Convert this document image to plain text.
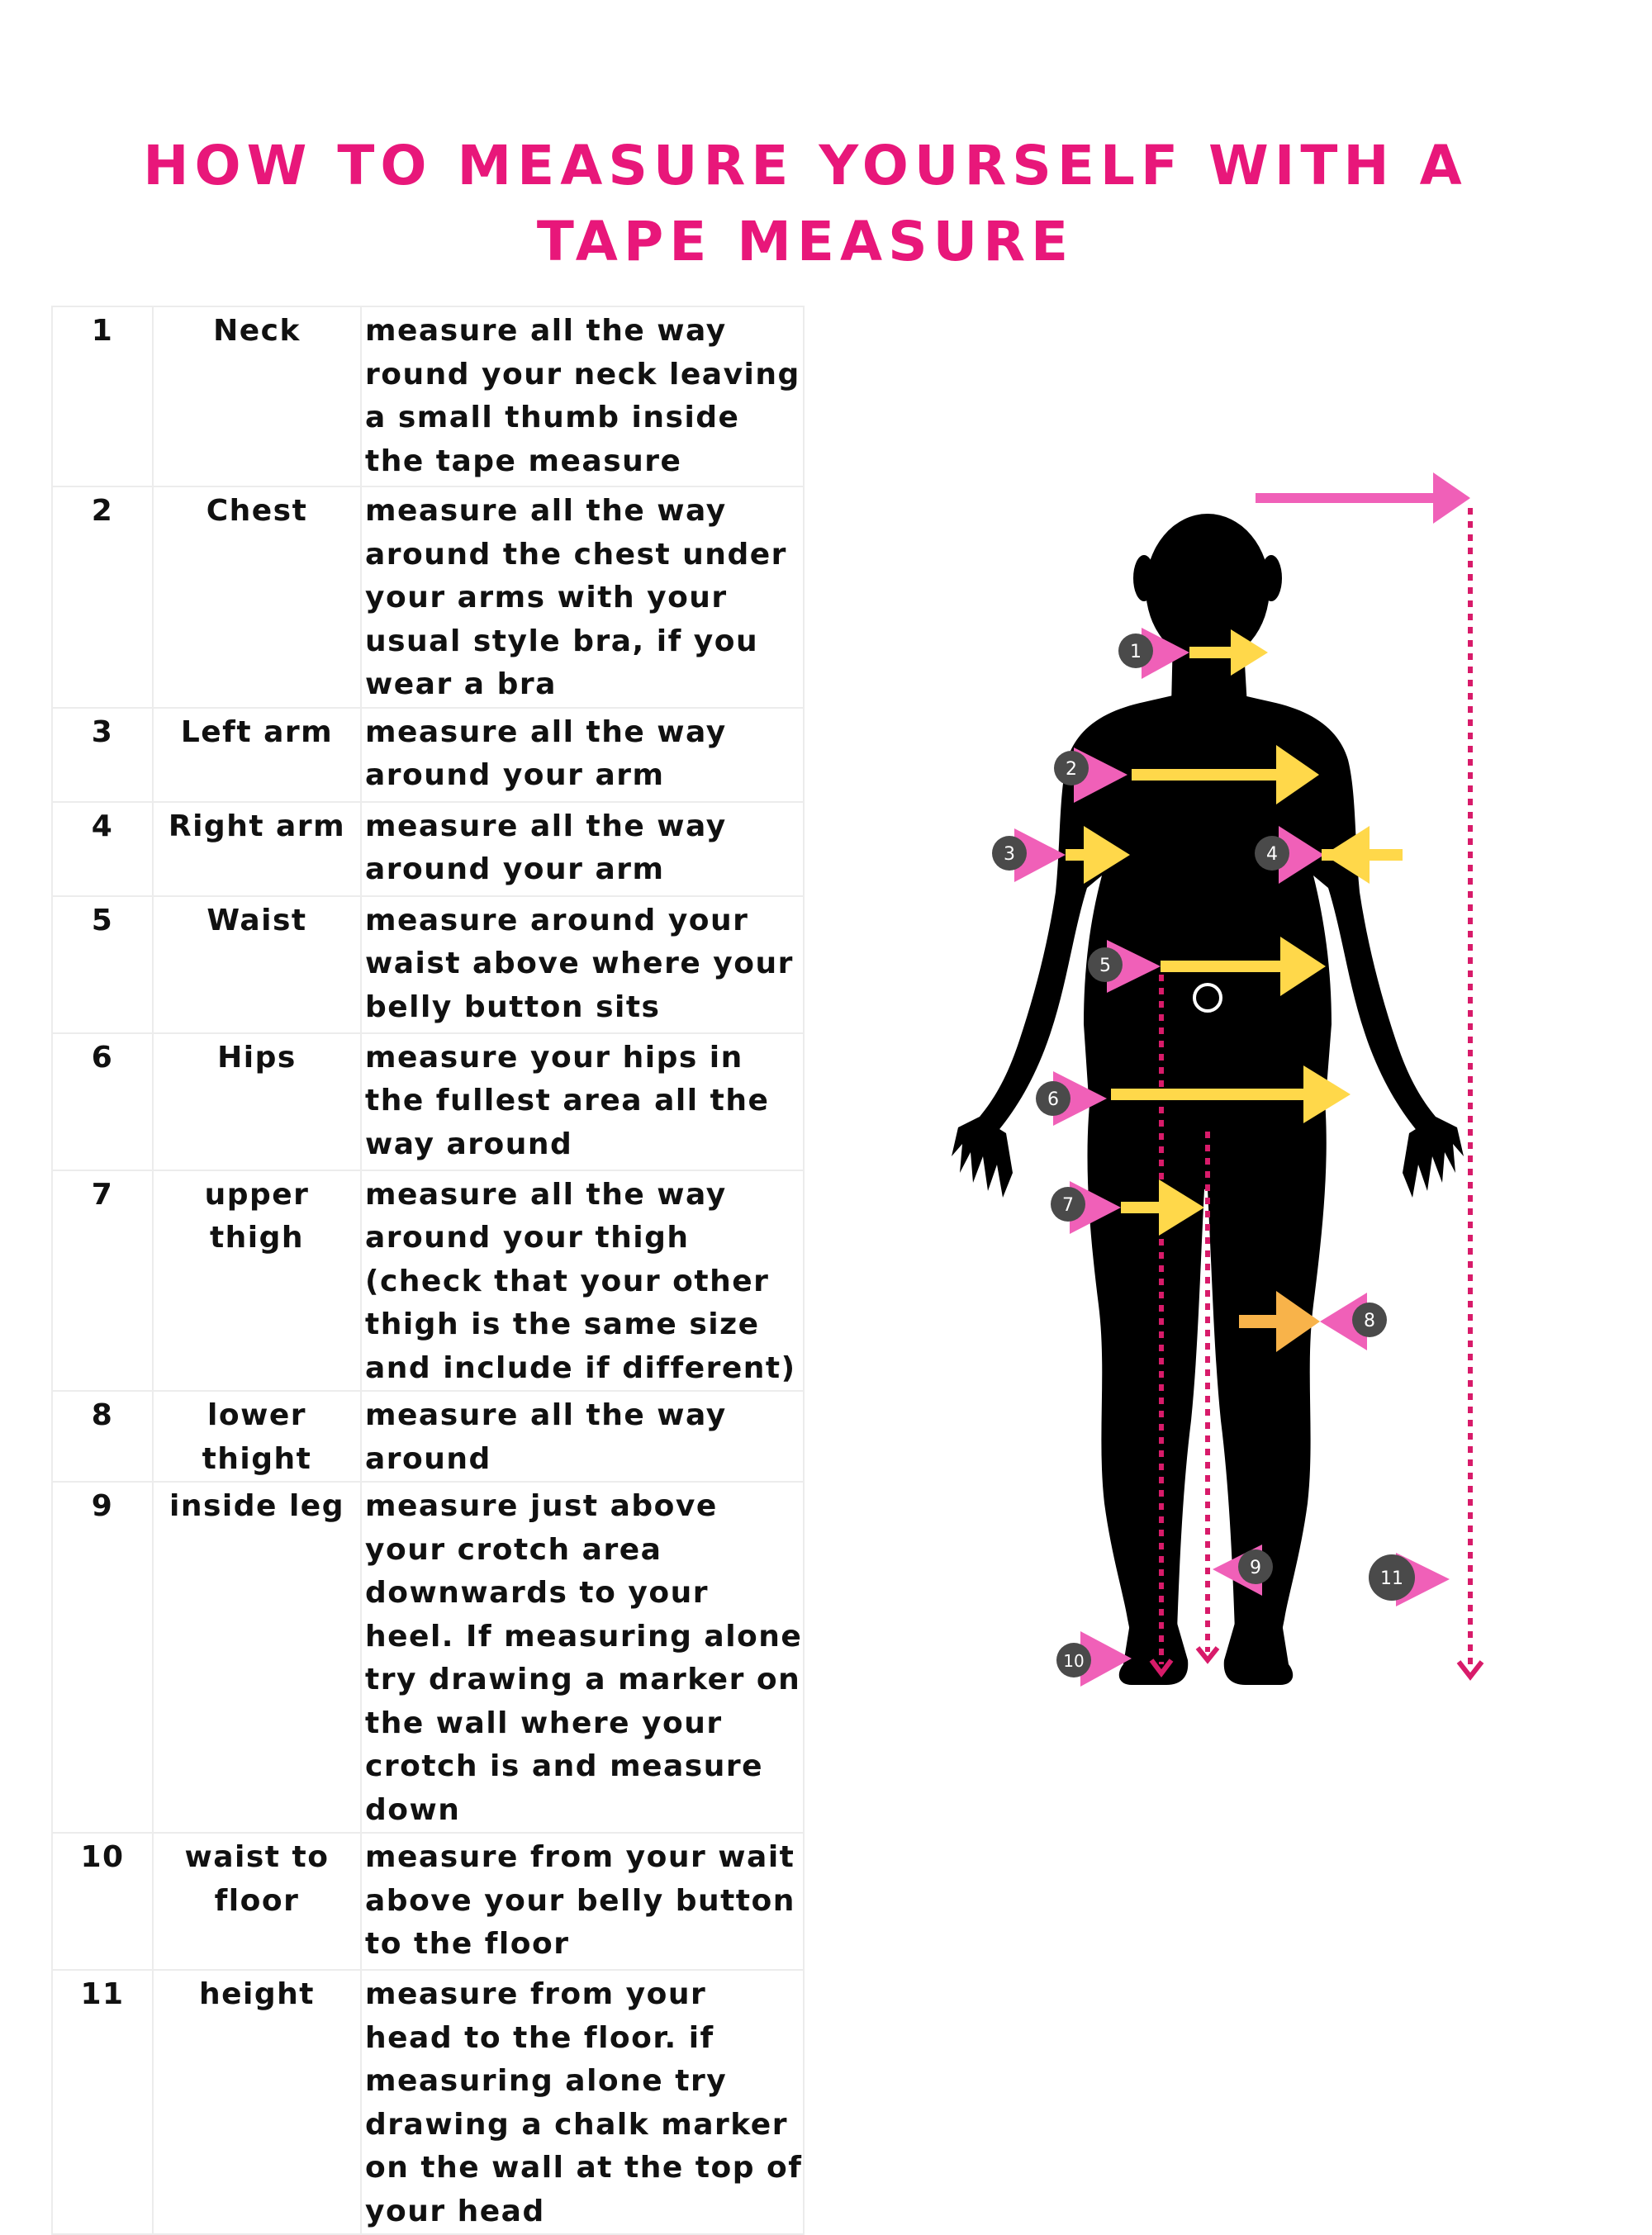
HOW TO MEASURE YOURSELF WITH A TAPE MEASURE
1	Neck	measure all the way round your neck leaving a small thumb inside the tape measure
2	Chest	measure all the way around the chest under your arms with your usual style bra, if you wear a bra
3	Left arm	measure all the way around your arm
4	Right arm	measure all the way around your arm
5	Waist	measure around your waist above where your belly button sits
6	Hips	measure your hips in the fullest area all the way around
7	upper thigh	measure all the way around your thigh (check that your other thigh is the same size and include if different)
8	lower thight	measure all the way around
9	inside leg	measure just above your crotch area downwards to your heel. If measuring alone try drawing a marker on the wall where your crotch is and measure down
10	waist to floor	measure from your wait above your belly button to the floor
11	height	measure from your head to the floor. if measuring alone try drawing a chalk marker on the wall at the top of your head
1
2
3	4
5
6
7
8
9
10
11
